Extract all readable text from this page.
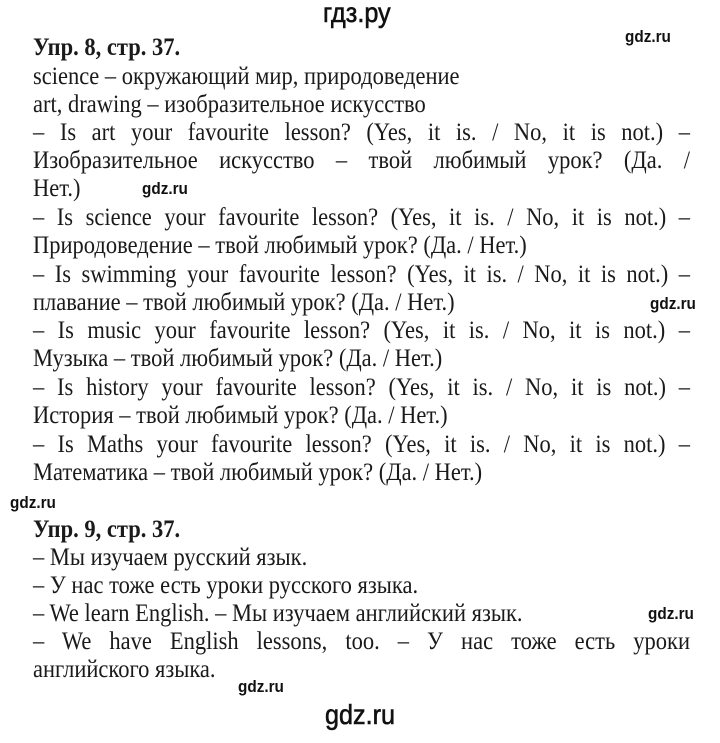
гдз.ру
Упр. 8, стр. 37.
science – окружающий мир, природоведение
art, drawing – изобразительное искусство
– Is art your favourite lesson? (Yes, it is. / No, it is not.) –
Изобразительное искусство – твой любимый урок? (Да. /
Нет.)
– Is science your favourite lesson? (Yes, it is. / No, it is not.) –
Природоведение – твой любимый урок? (Да. / Нет.)
– Is swimming your favourite lesson? (Yes, it is. / No, it is not.) –
плавание – твой любимый урок? (Да. / Нет.)
– Is music your favourite lesson? (Yes, it is. / No, it is not.) –
Музыка – твой любимый урок? (Да. / Нет.)
– Is history your favourite lesson? (Yes, it is. / No, it is not.) –
История – твой любимый урок? (Да. / Нет.)
– Is Maths your favourite lesson? (Yes, it is. / No, it is not.) –
Математика – твой любимый урок? (Да. / Нет.)
Упр. 9, стр. 37.
– Мы изучаем русский язык.
– У нас тоже есть уроки русского языка.
– We learn English. – Мы изучаем английский язык.
– We have English lessons, too. – У нас тоже есть уроки
английского языка.
gdz.ru
gdz.ru
gdz.ru
gdz.ru
gdz.ru
gdz.ru
gdz.ru
